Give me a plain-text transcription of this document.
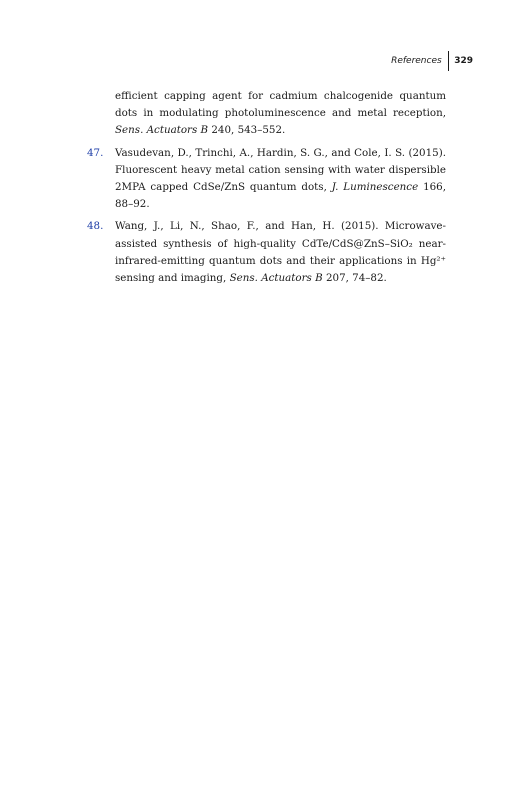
References	329
efficient capping agent for cadmium chalcogenide quantum dots in modulating photoluminescence and metal reception, Sens. Actuators B 240, 543–552.
47.	Vasudevan, D., Trinchi, A., Hardin, S. G., and Cole, I. S. (2015). Fluorescent heavy metal cation sensing with water dispersible 2MPA capped CdSe/ZnS quantum dots, J. Luminescence 166, 88–92.
48.	Wang, J., Li, N., Shao, F., and Han, H. (2015). Microwave-assisted synthesis of high-quality CdTe/CdS@ZnS–SiO₂ near-infrared-emitting quantum dots and their applications in Hg²⁺ sensing and imaging, Sens. Actuators B 207, 74–82.
